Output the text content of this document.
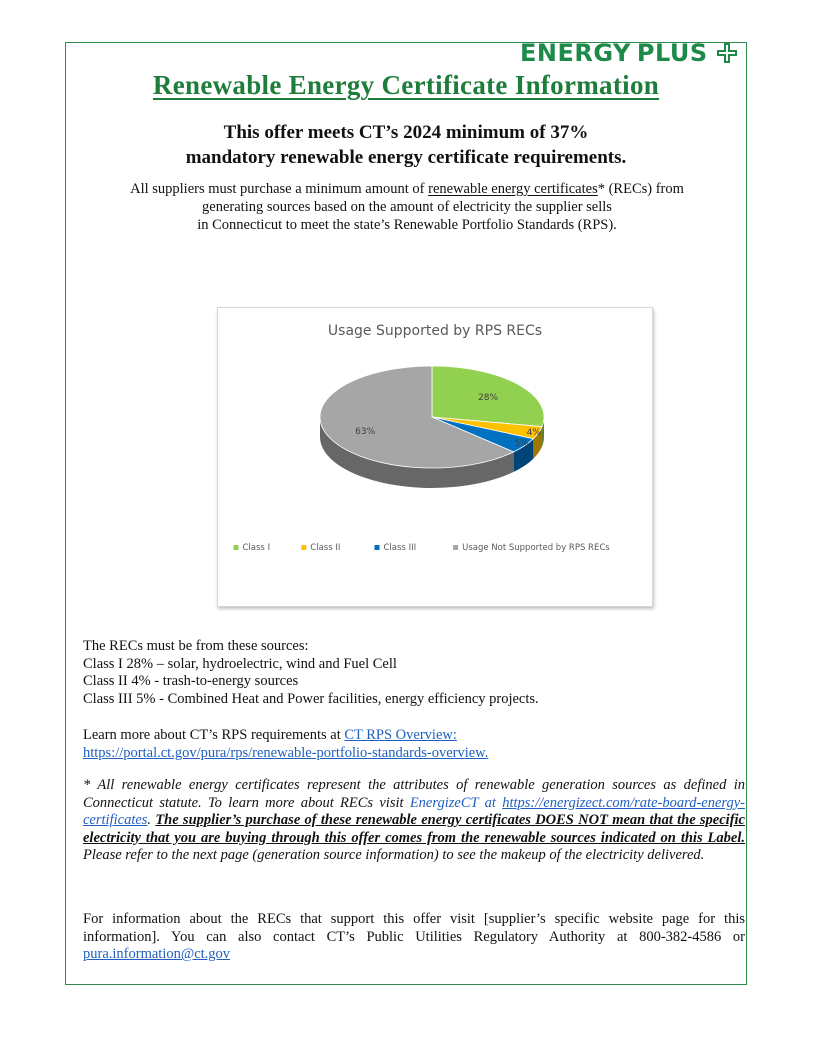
ENERGY PLUS
Renewable Energy Certificate Information
This offer meets CT’s 2024 minimum of 37%
mandatory renewable energy certificate requirements.
All suppliers must purchase a minimum amount of renewable energy certificates* (RECs) from
generating sources based on the amount of electricity the supplier sells
in Connecticut to meet the state’s Renewable Portfolio Standards (RPS).
Usage Supported by RPS RECs
28%
4%
5%
63%
Class I	Class II	Class III	Usage Not Supported by RPS RECs
The RECs must be from these sources:
Class I 28% – solar, hydroelectric, wind and Fuel Cell
Class II 4% - trash-to-energy sources
Class III 5% - Combined Heat and Power facilities, energy efficiency projects.
Learn more about CT’s RPS requirements at CT RPS Overview:
https://portal.ct.gov/pura/rps/renewable-portfolio-standards-overview.
* All renewable energy certificates represent the attributes of renewable generation sources as defined in Connecticut statute. To learn more about RECs visit EnergizeCT at https://energizect.com/rate-board-energy-certificates. The supplier’s purchase of these renewable energy certificates DOES NOT mean that the specific electricity that you are buying through this offer comes from the renewable sources indicated on this Label. Please refer to the next page (generation source information) to see the makeup of the electricity delivered.
For information about the RECs that support this offer visit [supplier’s specific website page for this information]. You can also contact CT’s Public Utilities Regulatory Authority at 800-382-4586 or pura.information@ct.gov
